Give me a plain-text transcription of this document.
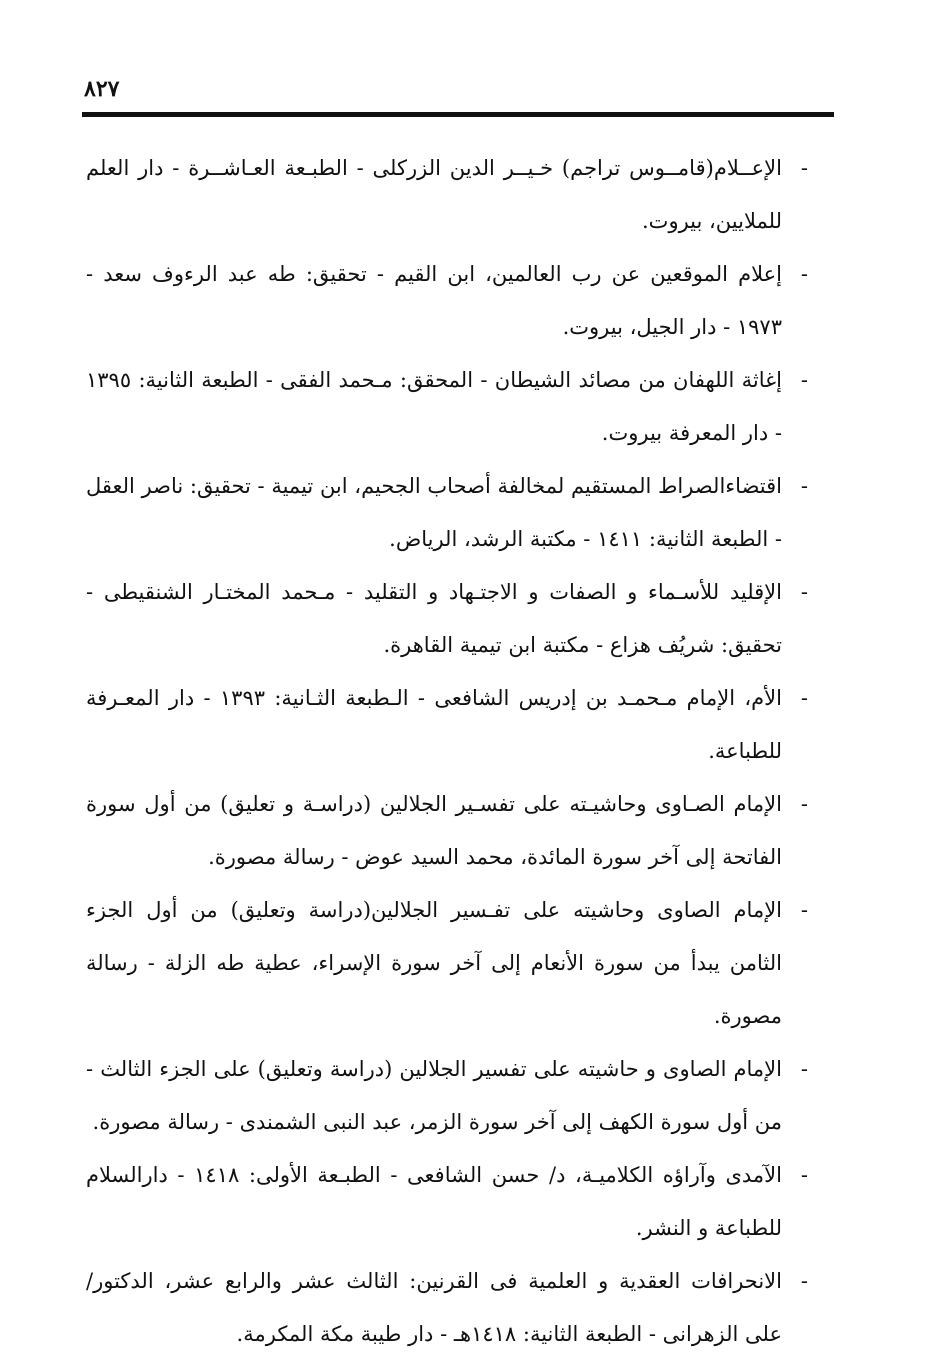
٨٢٧
-
الإعــلام(قامــوس تراجم) خـيــر الدين الزركلى - الطبـعة العـاشــرة - دار العلم للملايين، بيروت.
-
إعلام الموقعين عن رب العالمين، ابن القيم - تحقيق: طه عبد الرءوف سعد - ١٩٧٣ - دار الجيل، بيروت.
-
إغاثة اللهفان من مصائد الشيطان - المحقق: مـحمد الفقى - الطبعة الثانية: ١٣٩٥ - دار المعرفة بيروت.
-
اقتضاءالصراط المستقيم لمخالفة أصحاب الجحيم، ابن تيمية - تحقيق: ناصر العقل - الطبعة الثانية: ١٤١١ - مكتبة الرشد، الرياض.
-
الإقليد للأسـماء و الصفات و الاجتـهاد و التقليد - مـحمد المختـار الشنقيطى - تحقيق: شريُف هزاع - مكتبة ابن تيمية القاهرة.
-
الأم، الإمام مـحمـد بن إدريس الشافعى - الـطبعة الثـانية: ١٣٩٣ - دار المعـرفة للطباعة.
-
الإمام الصـاوى وحاشيـته على تفسـير الجلالين (دراسـة و تعليق) من أول سورة الفاتحة إلى آخر سورة المائدة، محمد السيد عوض - رسالة مصورة.
-
الإمام الصاوى وحاشيته على تفـسير الجلالين(دراسة وتعليق) من أول الجزء الثامن يبدأ من سورة الأنعام إلى آخر سورة الإسراء، عطية طه الزلة - رسالة مصورة.
-
الإمام الصاوى و حاشيته على تفسير الجلالين (دراسة وتعليق) على الجزء الثالث - من أول سورة الكهف إلى آخر سورة الزمر، عبد النبى الشمندى - رسالة مصورة.
-
الآمدى وآراؤه الكلاميـة، د/ حسن الشافعى - الطبـعة الأولى: ١٤١٨ - دارالسلام للطباعة و النشر.
-
الانحرافات العقدية و العلمية فى القرنين: الثالث عشر والرابع عشر، الدكتور/ على الزهرانى - الطبعة الثانية: ١٤١٨هـ - دار طيبة مكة المكرمة.
